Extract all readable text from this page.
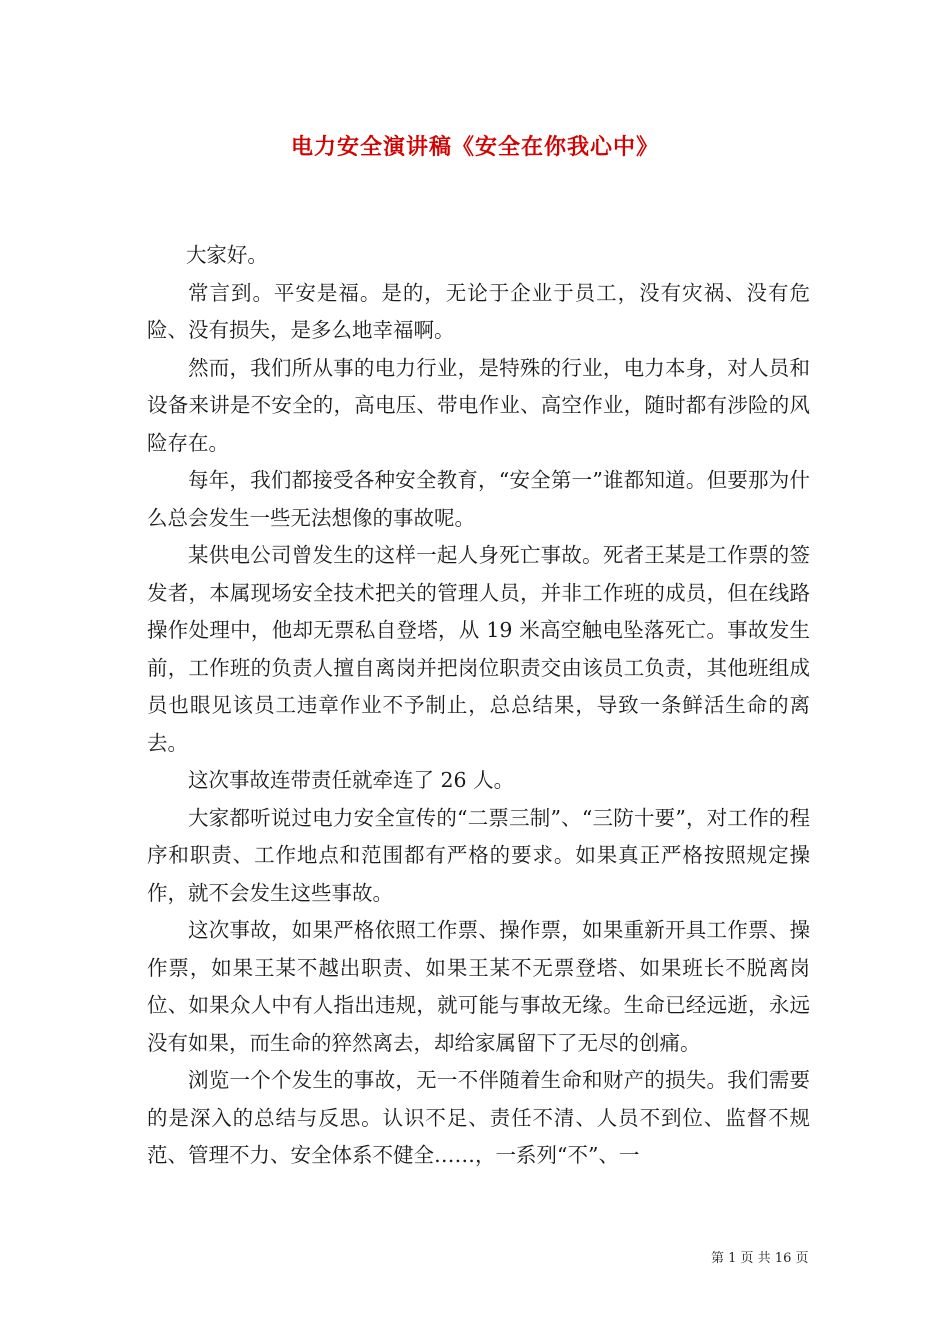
电力安全演讲稿《安全在你我心中》

大家好。

常言到。平安是福。是的，无论于企业于员工，没有灾祸、没有危险、没有损失，是多么地幸福啊。

然而，我们所从事的电力行业，是特殊的行业，电力本身，对人员和设备来讲是不安全的，高电压、带电作业、高空作业，随时都有涉险的风险存在。

每年，我们都接受各种安全教育，“安全第一”谁都知道。但要那为什么总会发生一些无法想像的事故呢。

某供电公司曾发生的这样一起人身死亡事故。死者王某是工作票的签发者，本属现场安全技术把关的管理人员，并非工作班的成员，但在线路操作处理中，他却无票私自登塔，从 19 米高空触电坠落死亡。事故发生前，工作班的负责人擅自离岗并把岗位职责交由该员工负责，其他班组成员也眼见该员工违章作业不予制止，总总结果，导致一条鲜活生命的离去。

这次事故连带责任就牵连了 26 人。

大家都听说过电力安全宣传的“二票三制”、“三防十要”，对工作的程序和职责、工作地点和范围都有严格的要求。如果真正严格按照规定操作，就不会发生这些事故。

这次事故，如果严格依照工作票、操作票，如果重新开具工作票、操作票，如果王某不越出职责、如果王某不无票登塔、如果班长不脱离岗位、如果众人中有人指出违规，就可能与事故无缘。生命已经远逝，永远没有如果，而生命的猝然离去，却给家属留下了无尽的创痛。

浏览一个个发生的事故，无一不伴随着生命和财产的损失。我们需要的是深入的总结与反思。认识不足、责任不清、人员不到位、监督不规范、管理不力、安全体系不健全……，一系列“不”、一

第 1 页 共 16 页
